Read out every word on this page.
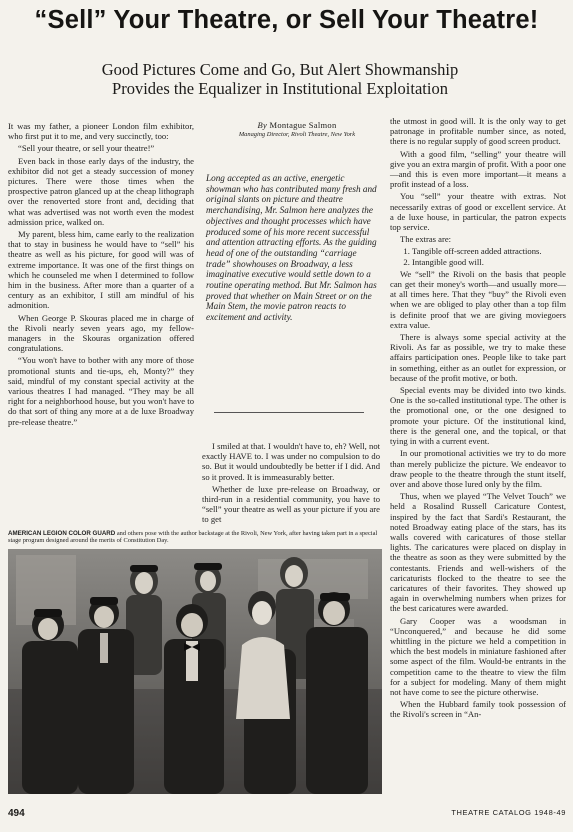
“Sell” Your Theatre, or Sell Your Theatre!
Good Pictures Come and Go, But Alert Showmanship
Provides the Equalizer in Institutional Exploitation

It was my father, a pioneer London film exhibitor, who first put it to me, and very succinctly, too:

“Sell your theatre, or sell your theatre!”

Even back in those early days of the industry, the exhibitor did not get a steady succession of money pictures. There were those times when the prospective patron glanced up at the cheap lithograph over the renoverted store front and, deciding that what was advertised was not worth even the modest admission price, walked on.

My parent, bless him, came early to the realization that to stay in business he would have to “sell” his theatre as well as his picture, for good will was of extreme importance. It was one of the first things on which he counseled me when I determined to follow him in the business. After more than a quarter of a century as an exhibitor, I still am mindful of his admonition.

When George P. Skouras placed me in charge of the Rivoli nearly seven years ago, my fellow-managers in the Skouras organization offered congratulations.

“You won't have to bother with any more of those promotional stunts and tie-ups, eh, Monty?” they said, mindful of my constant special activity at the various theatres I had managed. “They may be all right for a neighborhood house, but you won't have to do that sort of thing any more at a de luxe Broadway pre-release theatre.”

By Montague Salmon
Managing Director, Rivoli Theatre, New York
Long accepted as an active, energetic showman who has contributed many fresh and original slants on picture and theatre merchandising, Mr. Salmon here analyzes the objectives and thought processes which have produced some of his more recent successful and attention attracting efforts. As the guiding head of one of the outstanding “carriage trade” showhouses on Broadway, a less imaginative executive would settle down to a routine operating method. But Mr. Salmon has proved that whether on Main Street or on the Main Stem, the movie patron reacts to excitement and activity.

I smiled at that. I wouldn't have to, eh? Well, not exactly HAVE to. I was under no compulsion to do so. But it would undoubtedly be better if I did. And so it proved. It is immeasurably better.

Whether de luxe pre-release on Broadway, or third-run in a residential community, you have to “sell” your theatre as well as your picture if you are to get

the utmost in good will. It is the only way to get patronage in profitable number since, as noted, there is no regular supply of good screen product.

With a good film, “selling” your theatre will give you an extra margin of profit. With a poor one—and this is even more important—it means a profit instead of a loss.

You “sell” your theatre with extras. Not necessarily extras of good or excellent service. At a de luxe house, in particular, the patron expects top service.

The extras are:

1. Tangible off-screen added attractions.
2. Intangible good will.

We “sell” the Rivoli on the basis that people can get their money's worth—and usually more—at all times here. That they “buy” the Rivoli even when we are obliged to play other than a top film is definite proof that we are giving moviegoers extra value.

There is always some special activity at the Rivoli. As far as possible, we try to make these affairs participation ones. People like to take part in something, either as an outlet for expression, or because of the profit motive, or both.

Special events may be divided into two kinds. One is the so-called institutional type. The other is the promotional one, or the one designed to promote your picture. Of the institutional kind, there is the general one, and the topical, or that tying in with a current event.

In our promotional activities we try to do more than merely publicize the picture. We endeavor to draw people to the theatre through the stunt itself, over and above those lured only by the film.

Thus, when we played “The Velvet Touch” we held a Rosalind Russell Caricature Contest, inspired by the fact that Sardi's Restaurant, the noted Broadway eating place of the stars, has its walls covered with caricatures of those stellar lights. The caricatures were placed on display in the theatre as soon as they were submitted by the contestants. Friends and well-wishers of the caricaturists flocked to the theatre to see the caricatures of their favorites. They showed up again in overwhelming numbers when prizes for the best caricatures were awarded.

Gary Cooper was a woodsman in “Unconquered,” and because he did some whittling in the picture we held a competition in which the best models in miniature fashioned after some aspect of the film. Would-be entrants in the competition came to the theatre to view the film for a subject for modeling. Many of them might not have come to see the picture otherwise.

When the Hubbard family took possession of the Rivoli's screen in “An-

AMERICAN LEGION COLOR GUARD and others pose with the author backstage at the Rivoli, New York, after having taken part in a special stage program designed around the merits of Constitution Day.
494	THEATRE CATALOG 1948-49
